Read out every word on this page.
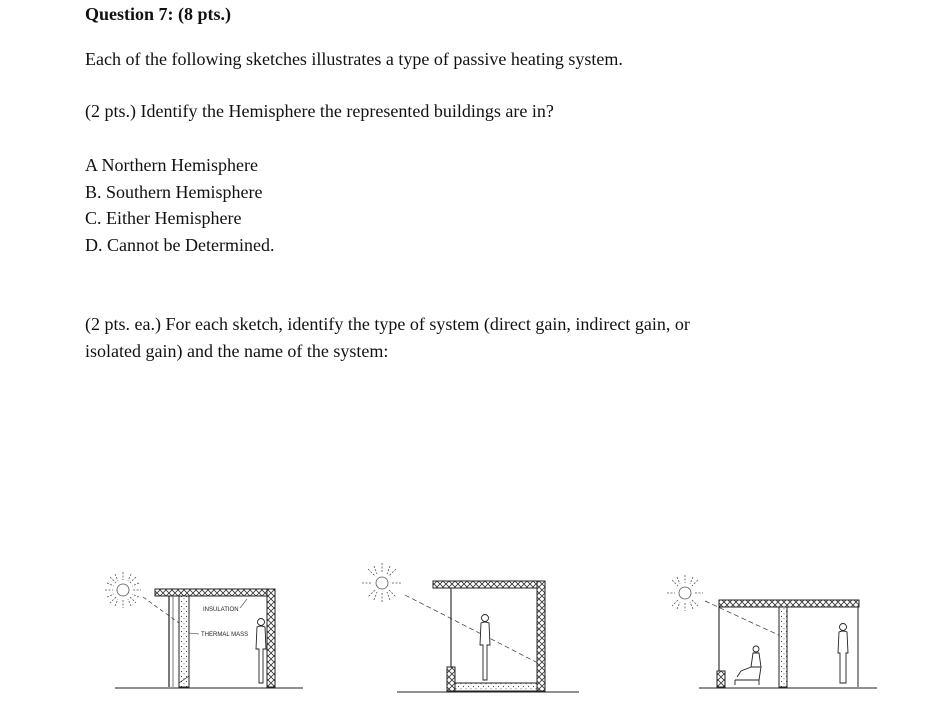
Question 7: (8 pts.)
Each of the following sketches illustrates a type of passive heating system.
(2 pts.) Identify the Hemisphere the represented buildings are in?
A Northern Hemisphere
B. Southern Hemisphere
C. Either Hemisphere
D. Cannot be Determined.
(2 pts. ea.) For each sketch, identify the type of system (direct gain, indirect gain, or
isolated gain) and the name of the system:
INSULATION
THERMAL MASS
